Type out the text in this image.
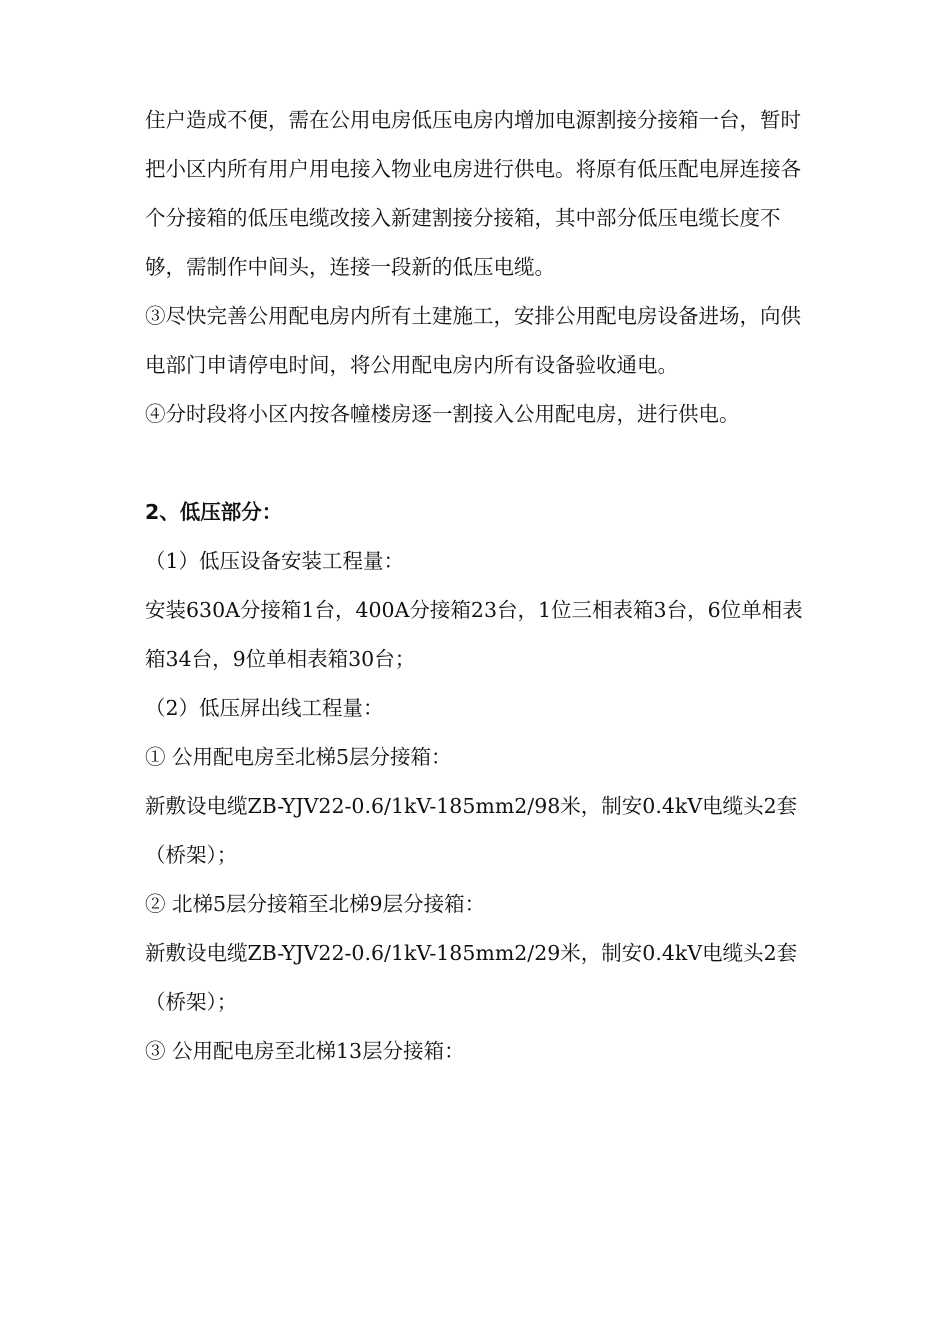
住户造成不便，需在公用电房低压电房内增加电源割接分接箱一台，暂时把小区内所有用户用电接入物业电房进行供电。将原有低压配电屏连接各个分接箱的低压电缆改接入新建割接分接箱，其中部分低压电缆长度不够，需制作中间头，连接一段新的低压电缆。

③尽快完善公用配电房内所有土建施工，安排公用配电房设备进场，向供电部门申请停电时间，将公用配电房内所有设备验收通电。

④分时段将小区内按各幢楼房逐一割接入公用配电房，进行供电。

2、低压部分：

（1）低压设备安装工程量：

安装630A分接箱1台，400A分接箱23台，1位三相表箱3台，6位单相表箱34台，9位单相表箱30台；

（2）低压屏出线工程量：

① 公用配电房至北梯5层分接箱：

新敷设电缆ZB-YJV22-0.6/1kV-185mm2/98米，制安0.4kV电缆头2套（桥架）；

② 北梯5层分接箱至北梯9层分接箱：

新敷设电缆ZB-YJV22-0.6/1kV-185mm2/29米，制安0.4kV电缆头2套（桥架）；

③ 公用配电房至北梯13层分接箱：
